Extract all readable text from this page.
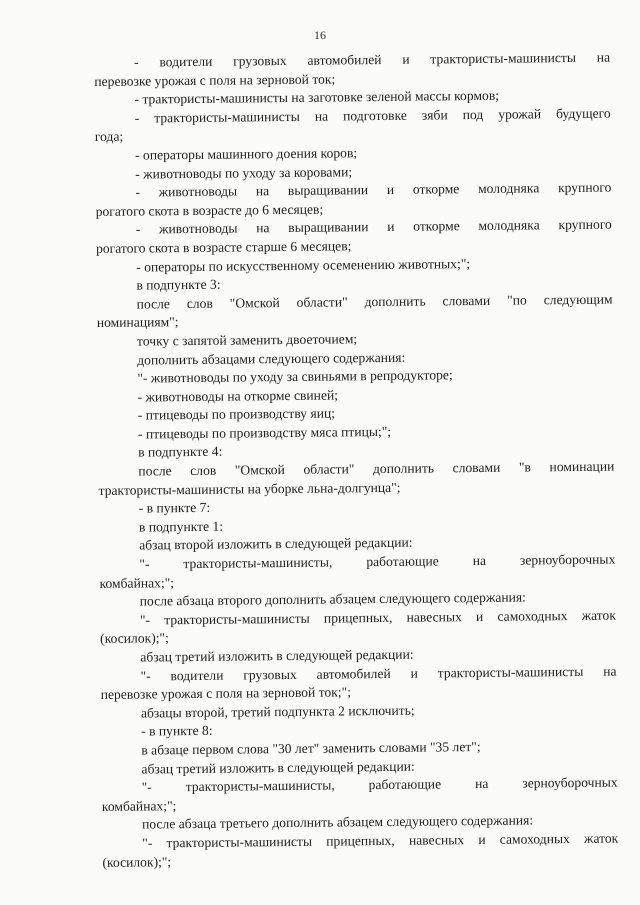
16
- водители грузовых автомобилей и трактористы-машинисты на
перевозке урожая с поля на зерновой ток;
- трактористы-машинисты на заготовке зеленой массы кормов;
- трактористы-машинисты на подготовке зяби под урожай будущего
года;
- операторы машинного доения коров;
- животноводы по уходу за коровами;
- животноводы на выращивании и откорме молодняка крупного
рогатого скота в возрасте до 6 месяцев;
- животноводы на выращивании и откорме молодняка крупного
рогатого скота в возрасте старше 6 месяцев;
- операторы по искусственному осеменению животных;";
в подпункте 3:
после слов "Омской области" дополнить словами "по следующим
номинациям";
точку с запятой заменить двоеточием;
дополнить абзацами следующего содержания:
"- животноводы по уходу за свиньями в репродукторе;
- животноводы на откорме свиней;
- птицеводы по производству яиц;
- птицеводы по производству мяса птицы;";
в подпункте 4:
после слов "Омской области" дополнить словами "в номинации
трактористы-машинисты на уборке льна-долгунца";
- в пункте 7:
в подпункте 1:
абзац второй изложить в следующей редакции:
"- трактористы-машинисты, работающие на зерноуборочных
комбайнах;";
после абзаца второго дополнить абзацем следующего содержания:
"- трактористы-машинисты прицепных, навесных и самоходных жаток
(косилок);";
абзац третий изложить в следующей редакции:
"- водители грузовых автомобилей и трактористы-машинисты на
перевозке урожая с поля на зерновой ток;";
абзацы второй, третий подпункта 2 исключить;
- в пункте 8:
в абзаце первом слова "30 лет" заменить словами "35 лет";
абзац третий изложить в следующей редакции:
"- трактористы-машинисты, работающие на зерноуборочных
комбайнах;";
после абзаца третьего дополнить абзацем следующего содержания:
"- трактористы-машинисты прицепных, навесных и самоходных жаток
(косилок);";
